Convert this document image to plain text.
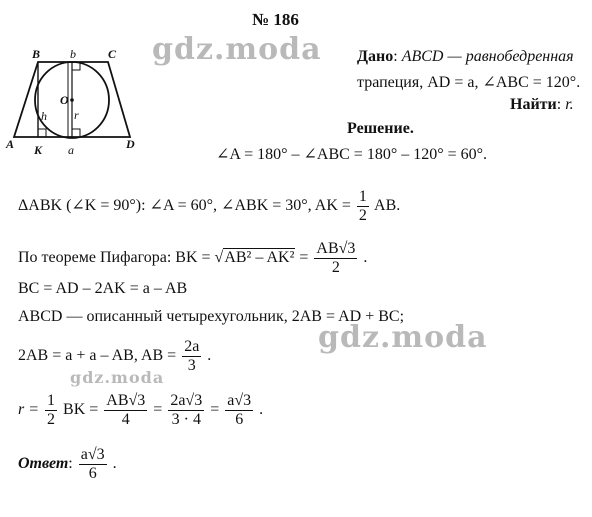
№ 186
gdz.moda
gdz.moda
gdz.moda
A
B	C
D
K
O
h r
a
b	Дано: ABCD — равнобедренная
трапеция, AD = a, ∠ABC = 120°.
Найти: r.
Решение.
∠A = 180° – ∠ABC = 180° – 120° = 60°.
ΔABK (∠K = 90°): ∠A = 60°, ∠ABK = 30°, AK = $\frac{1}{2}$ AB.
По теореме Пифагора: BK = $√AB^2 - AK^2 = \frac{AB√3}{2}$ .
BC = AD – 2AK = a – AB
ABCD — описанный четырехугольник, 2AB = AD + BC;
2AB = a + a – AB, AB = $\frac{2a}{3}$ .
$r = \frac{1}{2}$ BK = $\frac{AB√3}{4} = \frac{2a√3}{3 \cdot 4} = \frac{a√3}{6}$ .
Ответ: $\frac{a√3}{6}$ .
